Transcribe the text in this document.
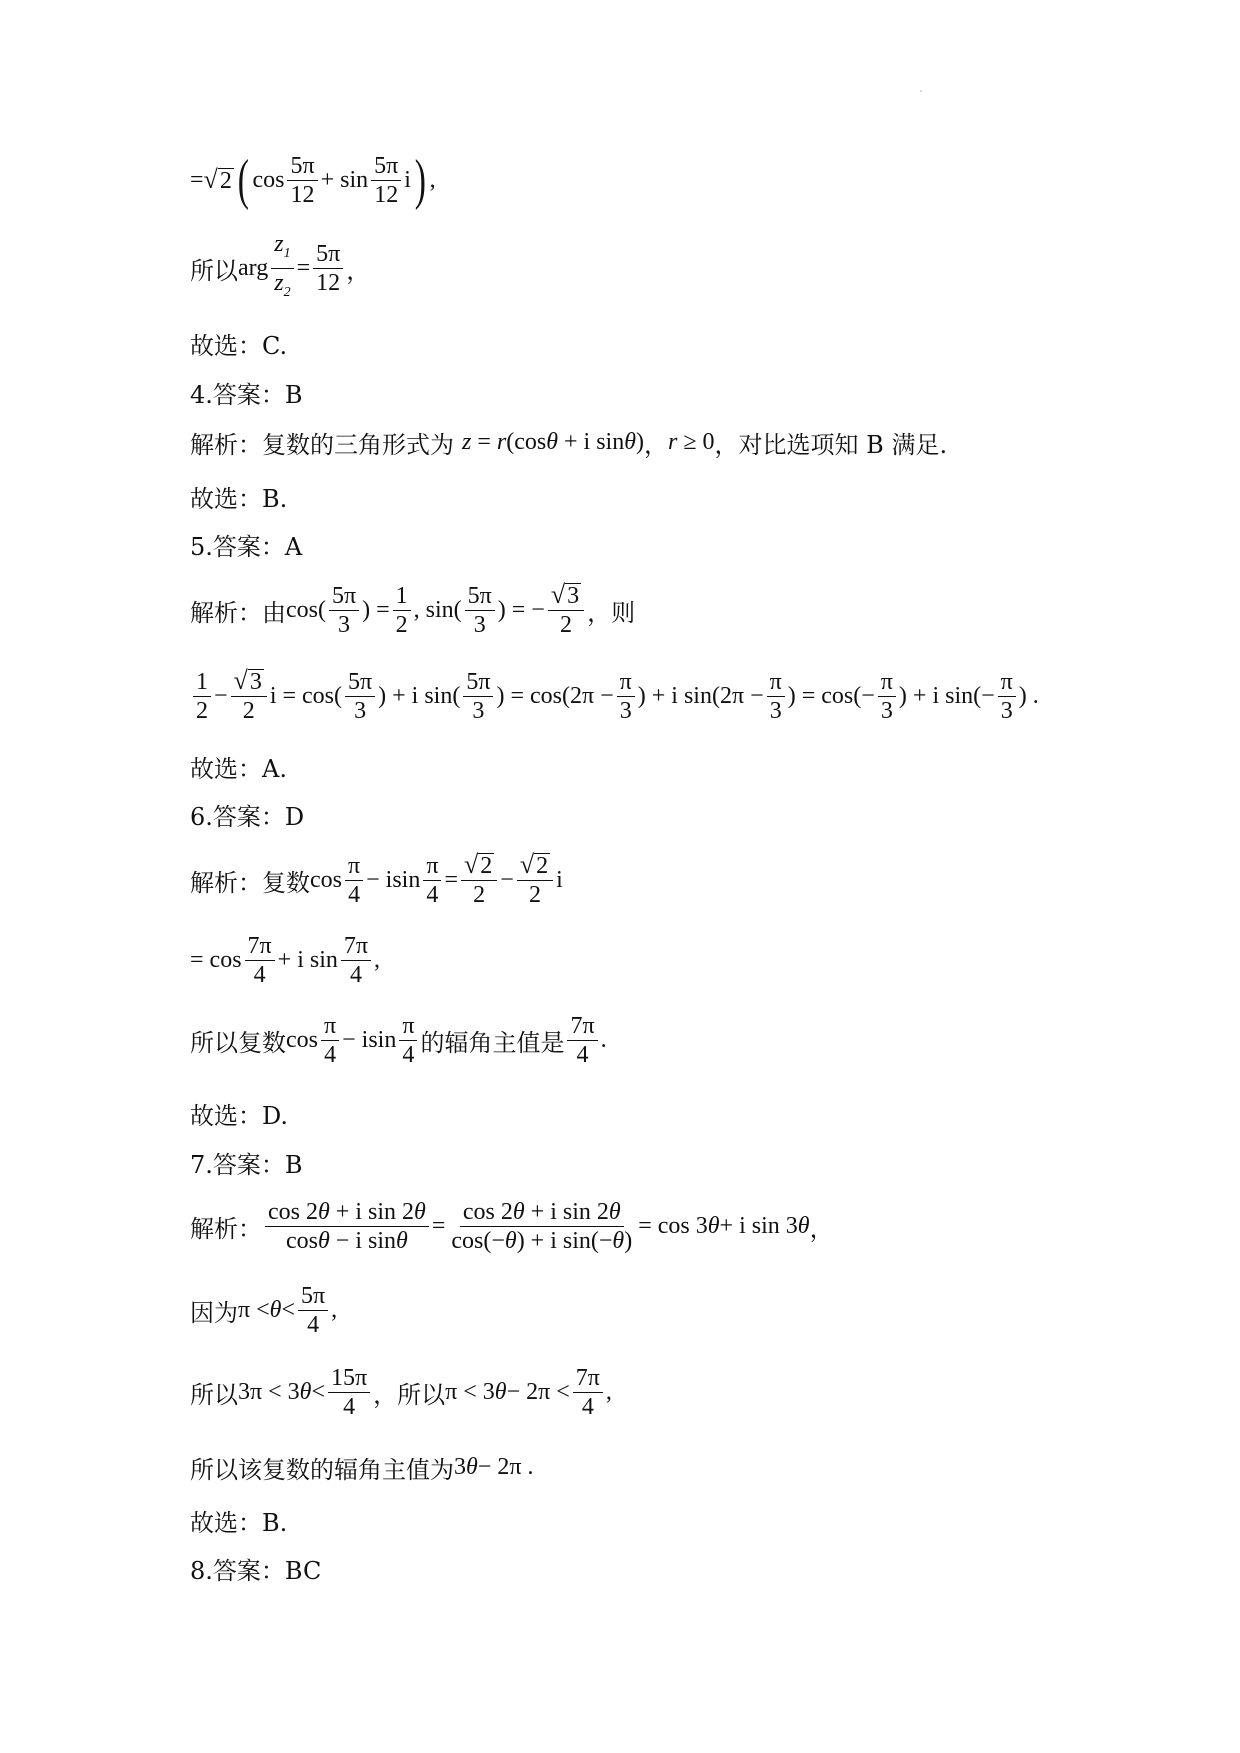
= √ 2 ( $\cos \frac{5\pi}{12} + \sin \frac{5\pi}{12}$ i ) ,
所以 arg $\frac{z_1}{z_2} = \frac{5\pi}{12}$ ，
故选：C.
4.答案：B
解析：复数的三角形式为 z = r (cos θ + i sin θ ) ， r ≥ 0 ，对比选项知 B 满足.
故选：B.
5.答案：A
解析：由 $\cos( \frac{5\pi}{3}$ ) = $\frac{1}{2}$ , $\sin( \frac{5\pi}{3}$ ) = − $\frac{√ 3}{2}$ ，则
$\frac{1}{2} - \frac{√ 3}{2}$ $i = \cos( \frac{5\pi}{3}$ ) + i $\sin( \frac{5\pi}{3}$ ) = $\cos(2\pi - \frac{\pi}{3}$ ) + i $\sin(2\pi - \frac{\pi}{3}$ ) = $\cos(- \frac{\pi}{3}$ ) + i $\sin(- \frac{\pi}{3}$ ) .
故选：A.
6.答案：D
解析：复数 $\cos \frac{\pi}{4} - isin \frac{\pi}{4} = \frac{√ 2}{2} - \frac{√ 2}{2}$ i
= $\cos \frac{7\pi}{4} + i$ $\sin \frac{7\pi}{4}$ ,
所以复数 $\cos \frac{\pi}{4} - isin \frac{\pi}{4}$ 的辐角主值是 $\frac{7\pi}{4}$ .
故选：D.
7.答案：B
解析： $\frac{\text{cos 2θ + i sin 2θ}}{\text{cosθ − i sinθ}} = \frac{\text{cos 2θ + i sin 2θ}}{\text{cos(−θ) + i sin(−θ)}} = \cos 3$ θ + i sin 3 θ ，
因为 $\pi < \theta < \frac{5\pi}{4}$ ,
所以 3π < 3 $\theta < \frac{15\pi}{4}$ ，所以 π < 3 $\theta - 2\pi < \frac{7\pi}{4}$ ,
所以该复数的辐角主值为 3 θ − 2π .
故选：B.
8.答案：BC
